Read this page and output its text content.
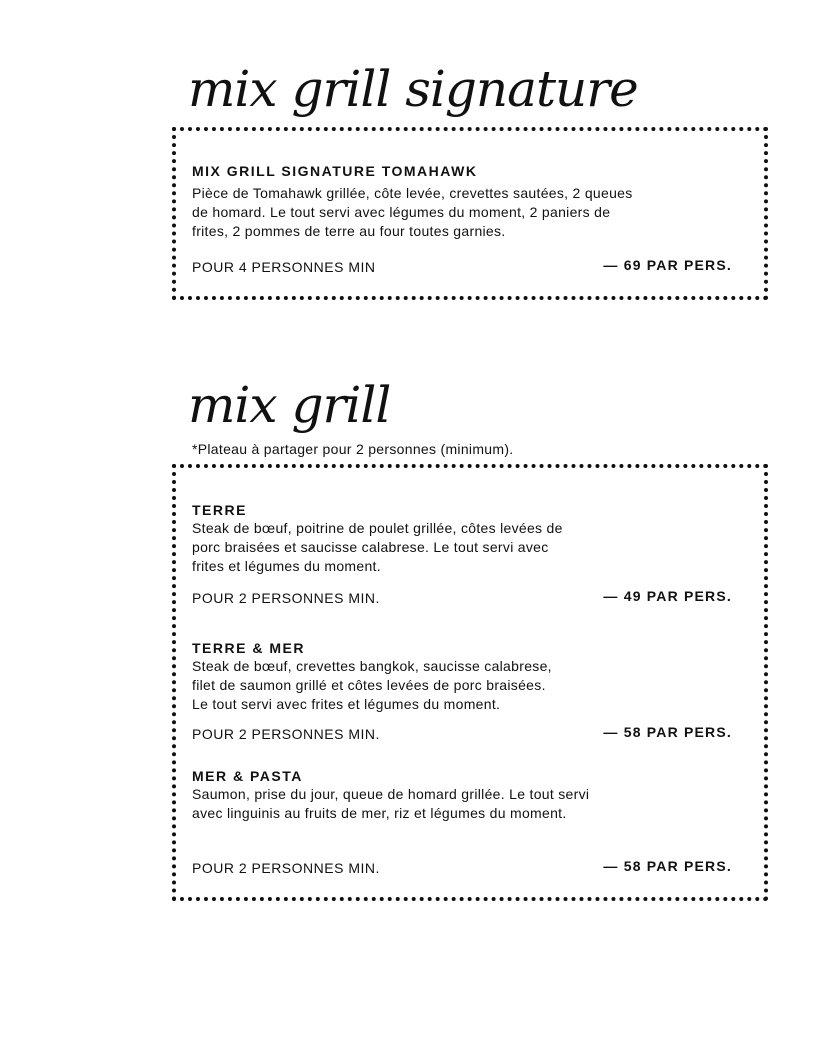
mix grill signature
MIX GRILL SIGNATURE TOMAHAWK

Pièce de Tomahawk grillée, côte levée, crevettes sautées, 2 queues
de homard. Le tout servi avec légumes du moment, 2 paniers de
frites, 2 pommes de terre au four toutes garnies.

POUR 4 PERSONNES MIN	— 69 PAR PERS.
mix grill
*Plateau à partager pour 2 personnes (minimum).
TERRE

Steak de bœuf, poitrine de poulet grillée, côtes levées de
porc braisées et saucisse calabrese. Le tout servi avec
frites et légumes du moment.

POUR 2 PERSONNES MIN.	— 49 PAR PERS.
TERRE & MER

Steak de bœuf, crevettes bangkok, saucisse calabrese,
filet de saumon grillé et côtes levées de porc braisées.
Le tout servi avec frites et légumes du moment.

POUR 2 PERSONNES MIN.	— 58 PAR PERS.
MER & PASTA

Saumon, prise du jour, queue de homard grillée. Le tout servi
avec linguinis au fruits de mer, riz et légumes du moment.

POUR 2 PERSONNES MIN.	— 58 PAR PERS.
